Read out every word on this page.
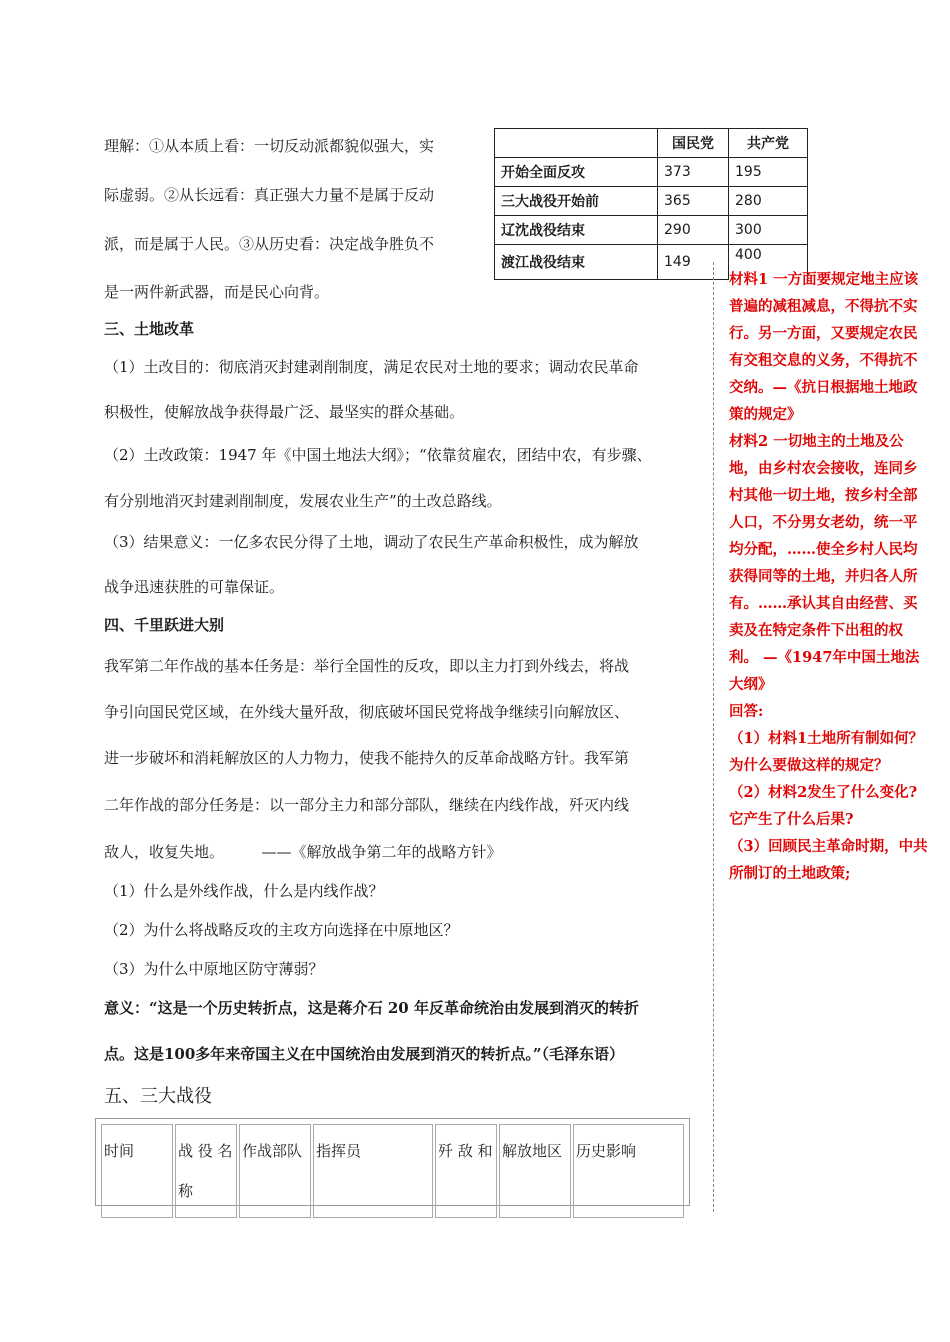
理解：①从本质上看：一切反动派都貌似强大，实
际虚弱。②从长远看：真正强大力量不是属于反动
派，而是属于人民。③从历史看：决定战争胜负不
是一两件新武器，而是民心向背。
	国民党	共产党
开始全面反攻	373	195
三大战役开始前	365	280
辽沈战役结束	290	300
渡江战役结束	149	400
三、土地改革
（1）土改目的：彻底消灭封建剥削制度，满足农民对土地的要求；调动农民革命
积极性，使解放战争获得最广泛、最坚实的群众基础。
（2）土改政策：1947 年《中国土地法大纲》；“依靠贫雇农，团结中农，有步骤、
有分别地消灭封建剥削制度，发展农业生产”的土改总路线。
（3）结果意义：一亿多农民分得了土地，调动了农民生产革命积极性，成为解放
战争迅速获胜的可靠保证。
四、千里跃进大别
我军第二年作战的基本任务是：举行全国性的反攻，即以主力打到外线去，将战
争引向国民党区域，在外线大量歼敌，彻底破坏国民党将战争继续引向解放区、
进一步破坏和消耗解放区的人力物力，使我不能持久的反革命战略方针。我军第
二年作战的部分任务是：以一部分主力和部分部队，继续在内线作战，歼灭内线
敌人，收复失地。　　　——《解放战争第二年的战略方针》
（1）什么是外线作战，什么是内线作战？
（2）为什么将战略反攻的主攻方向选择在中原地区？
（3）为什么中原地区防守薄弱？
意义：“这是一个历史转折点，这是蒋介石 20 年反革命统治由发展到消灭的转折
点。这是100多年来帝国主义在中国统治由发展到消灭的转折点。”（毛泽东语）
五、三大战役
时间	战 役 名称	作战部队	指挥员	歼 敌 和	解放地区	历史影响

材料1 一方面要规定地主应该普遍的减租减息，不得抗不实行。另一方面，又要规定农民有交租交息的义务，不得抗不交纳。—《抗日根据地土地政策的规定》

材料2 一切地主的土地及公地，由乡村农会接收，连同乡村其他一切土地，按乡村全部人口，不分男女老幼，统一平均分配，……使全乡村人民均获得同等的土地，并归各人所有。……承认其自由经营、买卖及在特定条件下出租的权利。 —《1947年中国土地法大纲》

回答:

（1）材料1土地所有制如何？为什么要做这样的规定？

（2）材料2发生了什么变化?它产生了什么后果?

（3）回顾民主革命时期，中共所制订的土地政策;
